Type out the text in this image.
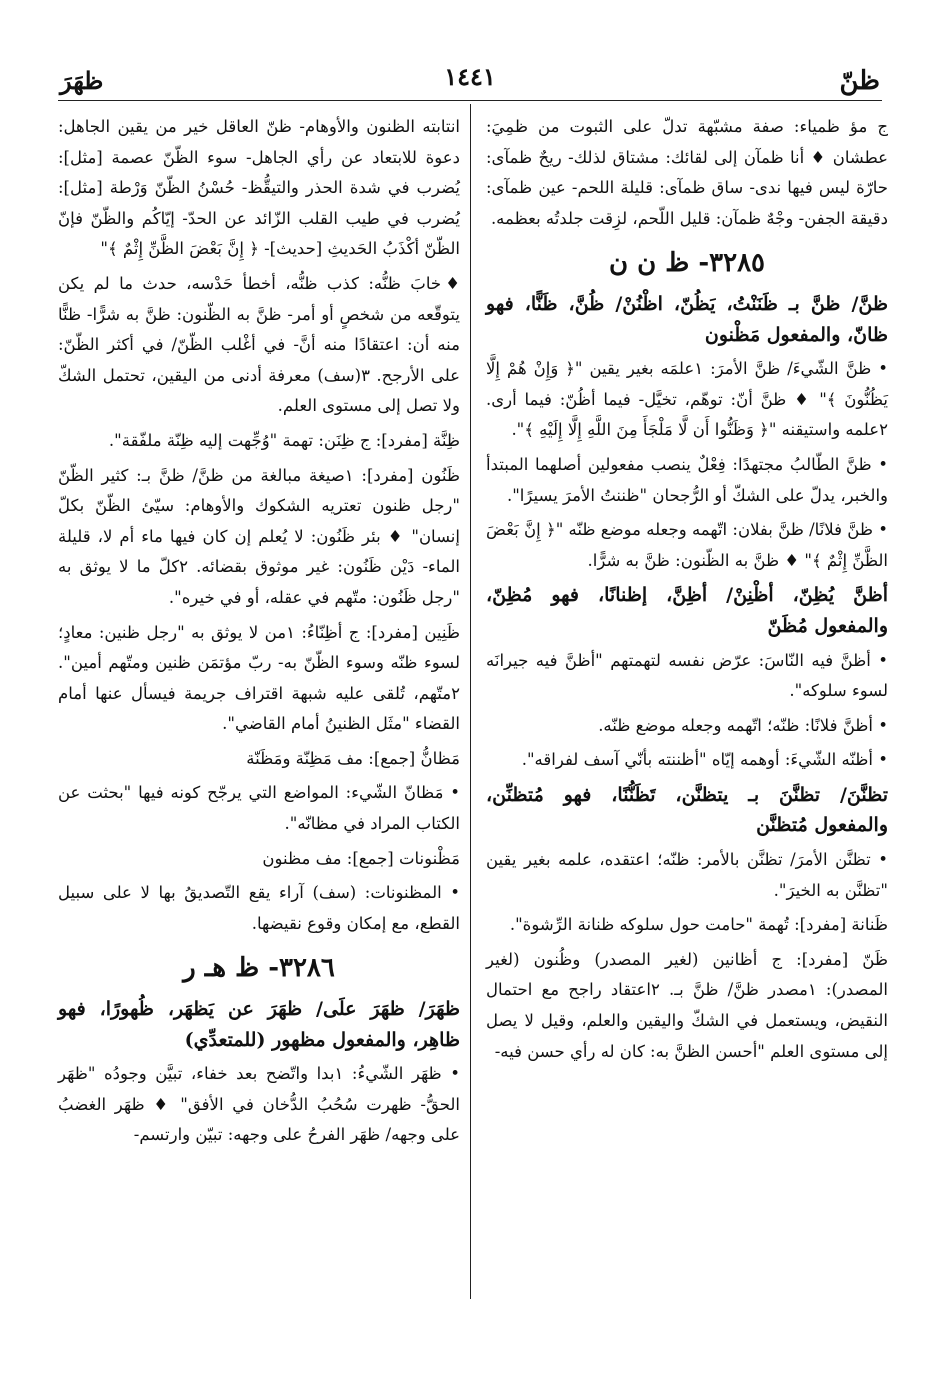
ظنّ
١٤٤١
ظهَرَ

ج مؤ ظمياء: صفة مشبّهة تدلّ على الثبوت من ظمِيَ: عطشان ♦ أنا ظمآن إلى لقائك: مشتاق لذلك- ريحٌ ظمآى: حارّة ليس فيها ندى- ساق ظمآى: قليلة اللحم- عين ظمآى: دقيقة الجفن- وجْهٌ ظمآن: قليل اللّحم، لزِقت جلدتُه بعظمه.

٣٢٨٥- ظ ن ن

ظنَّ/ ظنَّ بـ ظَنَنْتُ، يَظُنّ، اظْنُنْ/ ظُنَّ، ظَنًّا، فهو ظانّ، والمفعول مَظْنون

• ظنَّ الشّيءَ/ ظنَّ الأمرَ: ١علمَه بغير يقين "﴿ وَإِنْ هُمْ إِلَّا يَظُنُّونَ ﴾" ♦ ظنَّ أنّ: توهّم، تخيَّل- فيما أظُنّ: فيما أرى. ٢علمه واستيقنه "﴿ وَظَنُّوا أَن لَّا مَلْجَأَ مِنَ اللَّهِ إِلَّا إِلَيْهِ ﴾".

• ظنَّ الطّالبُ مجتهدًا: فِعْلٌ ينصب مفعولين أصلهما المبتدأ والخبر، يدلّ على الشكّ أو الرُّجحان "ظننتُ الأمرَ يسيرًا".

• ظنَّ فلانًا/ ظنَّ بفلان: اتّهمه وجعله موضع ظنّه "﴿ إِنَّ بَعْضَ الظَّنِّ إِثْمٌ ﴾" ♦ ظنَّ به الظّنون: ظنَّ به شرًّا.

أظنَّ يُظِنّ، أظْنِنْ/ أظِنَّ، إظنانًا، فهو مُظِنّ، والمفعول مُظَنّ

• أظنَّ فيه النّاسَ: عرّض نفسه لتهمتهم "أظنَّ فيه جيرانَه لسوء سلوكه".

• أظنَّ فلانًا: ظنّه؛ اتّهمه وجعله موضع ظنّه.

• أظنّه الشّيءَ: أوهمه إيّاه "أظننته بأنّي آسف لفراقه".

تظنَّنَ/ تظنَّنَ بـ يتظنَّن، تَظَنُّنًا، فهو مُتظنِّن، والمفعول مُتظنَّن

• تظنَّن الأمرَ/ تظنَّن بالأمر: ظنّه؛ اعتقده، علمه بغير يقين "تظنَّن به الخيرَ".

ظَنانة [مفرد]: تُهمة "حامت حول سلوكه ظنانة الرِّشوة".

ظَنّ [مفرد]: ج أظانين (لغير المصدر) وظُنون (لغير المصدر): ١مصدر ظنَّ/ ظنَّ بـ. ٢اعتقاد راجح مع احتمال النقيض، ويستعمل في الشكّ واليقين والعلم، وقيل لا يصل إلى مستوى العلم "أحسن الظنَّ به: كان له رأي حسن فيه-

انتابته الظنون والأوهام- ظنّ العاقل خير من يقين الجاهل: دعوة للابتعاد عن رأي الجاهل- سوء الظّنّ عصمة [مثل]: يُضرب في شدة الحذر والتيقُّظ- حُسْنُ الظّنّ وَرْطة [مثل]: يُضرب في طيب القلب الزّائد عن الحدّ- إيّاكُم والظّنّ فإنّ الظّنّ أكْذَبُ الحَديثِ [حديث]- ﴿ إِنَّ بَعْضَ الظَّنِّ إِثْمٌ ﴾"

♦خابَ ظنُّه: كذب ظنُّه، أخطأ حَدْسه، حدث ما لم يكن يتوقّعه من شخصٍ أو أمر- ظنَّ به الظّنون: ظنَّ به شرًّا- ظنًّا منه أن: اعتقادًا منه أنَّ- في أغْلب الظّنّ/ في أكثر الظّنّ: على الأرجح. ٣(سف) معرفة أدنى من اليقين، تحتمل الشكّ ولا تصل إلى مستوى العلم.

ظِنَّة [مفرد]: ج ظِنَن: تهمة "وُجِّهت إليه ظِنّة ملفّقة".

ظَنُون [مفرد]: ١صيغة مبالغة من ظنَّ/ ظنَّ بـ: كثير الظّنّ "رجل ظنون تعتريه الشكوك والأوهام: سيّئ الظّنّ بكلّ إنسان" ♦ بئر ظَنُون: لا يُعلم إن كان فيها ماء أم لا، قليلة الماء- دَيْن ظَنُون: غير موثوق بقضائه. ٢كلّ ما لا يوثق به "رجل ظَنُون: متّهم في عقله، أو في خيره".

ظَنِين [مفرد]: ج أظِنّاءُ: ١من لا يوثق به "رجل ظنين: معادٍ؛ لسوء ظنّه وسوء الظّنّ به- ربّ مؤتمَن ظنين ومتّهم أمين". ٢متّهم، تُلقى عليه شبهة اقتراف جريمة فيسأل عنها أمام القضاء "مثَل الظنينُ أمام القاضي".

مَظانُّ [جمع]: مف مَظِنّة ومَظَنّة

• مَظانّ الشّيء: المواضع التي يرجّح كونه فيها "بحثت عن الكتاب المراد في مظانّه".

مَظْنونات [جمع]: مف مظنون

• المظنونات: (سف) آراء يقع التّصديقُ بها لا على سبيل القطع، مع إمكان وقوع نقيضها.

٣٢٨٦- ظ هـ ر

ظهَرَ/ ظهَرَ علَى/ ظهَرَ عن يَظهَر، ظُهورًا، فهو ظاهِر، والمفعول مظهور (للمتعدِّي)

• ظهَر الشّيءُ: ١بدا واتّضح بعد خفاء، تبيَّن وجودُه "ظهَر الحقُّ- ظهرت سُحُبُ الدُّخان في الأفق" ♦ ظهَر الغضبُ على وجهه/ ظهَر الفرحُ على وجهه: تبيّن وارتسم-
